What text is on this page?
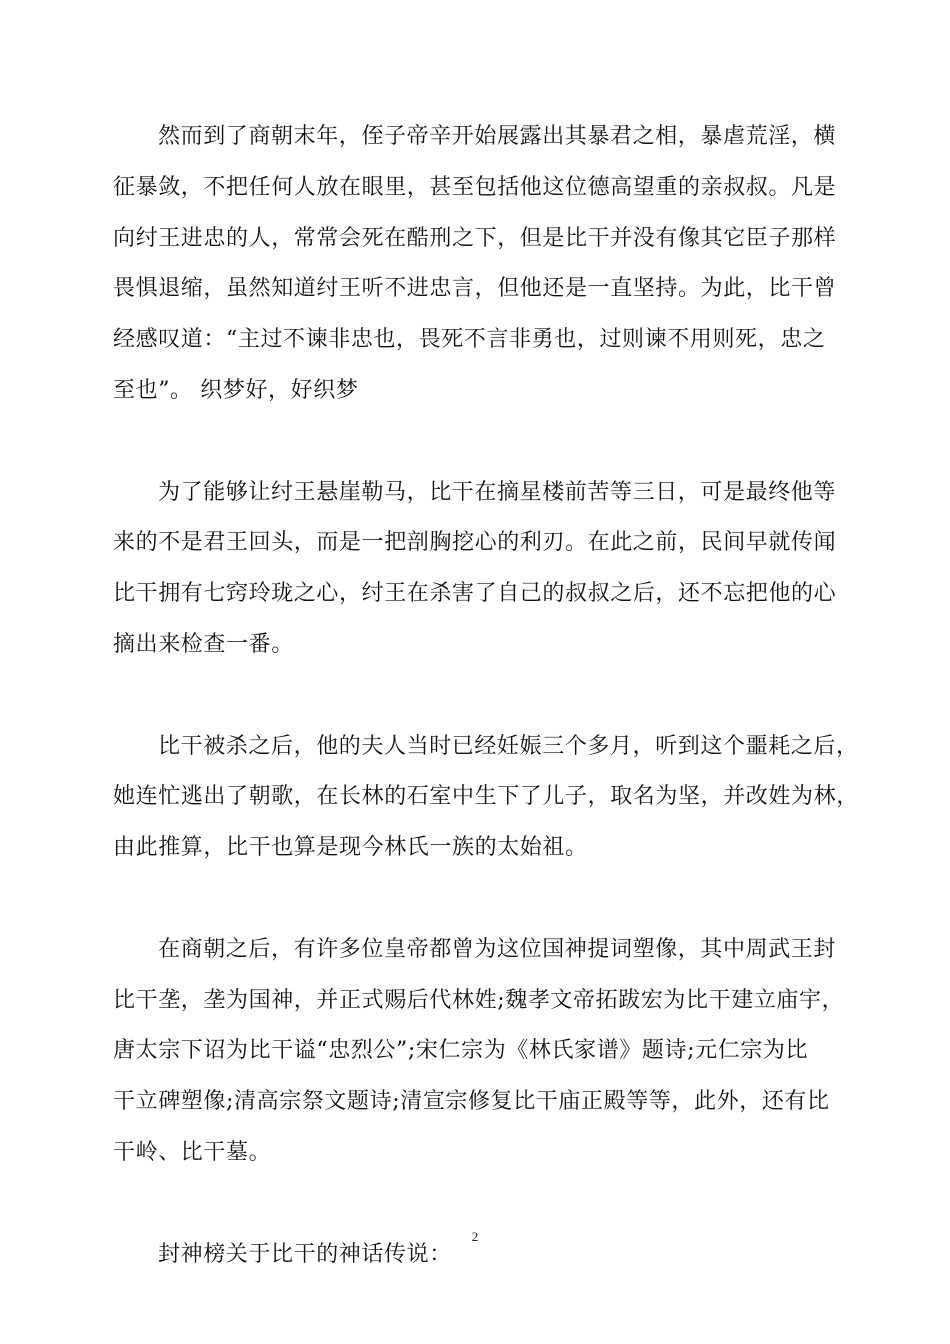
然而到了商朝末年，侄子帝辛开始展露出其暴君之相，暴虐荒淫，横
征暴敛，不把任何人放在眼里，甚至包括他这位德高望重的亲叔叔。凡是
向纣王进忠的人，常常会死在酷刑之下，但是比干并没有像其它臣子那样
畏惧退缩，虽然知道纣王听不进忠言，但他还是一直坚持。为此，比干曾
经感叹道：“主过不谏非忠也，畏死不言非勇也，过则谏不用则死，忠之
至也”。 织梦好，好织梦

为了能够让纣王悬崖勒马，比干在摘星楼前苦等三日，可是最终他等
来的不是君王回头，而是一把剖胸挖心的利刃。在此之前，民间早就传闻
比干拥有七窍玲珑之心，纣王在杀害了自己的叔叔之后，还不忘把他的心
摘出来检查一番。

比干被杀之后，他的夫人当时已经妊娠三个多月，听到这个噩耗之后，
她连忙逃出了朝歌，在长林的石室中生下了儿子，取名为坚，并改姓为林，
由此推算，比干也算是现今林氏一族的太始祖。

在商朝之后，有许多位皇帝都曾为这位国神提词塑像，其中周武王封
比干垄，垄为国神，并正式赐后代林姓;魏孝文帝拓跋宏为比干建立庙宇，
唐太宗下诏为比干谥“忠烈公”;宋仁宗为《林氏家谱》题诗;元仁宗为比
干立碑塑像;清高宗祭文题诗;清宣宗修复比干庙正殿等等，此外，还有比
干岭、比干墓。

封神榜关于比干的神话传说：

2
